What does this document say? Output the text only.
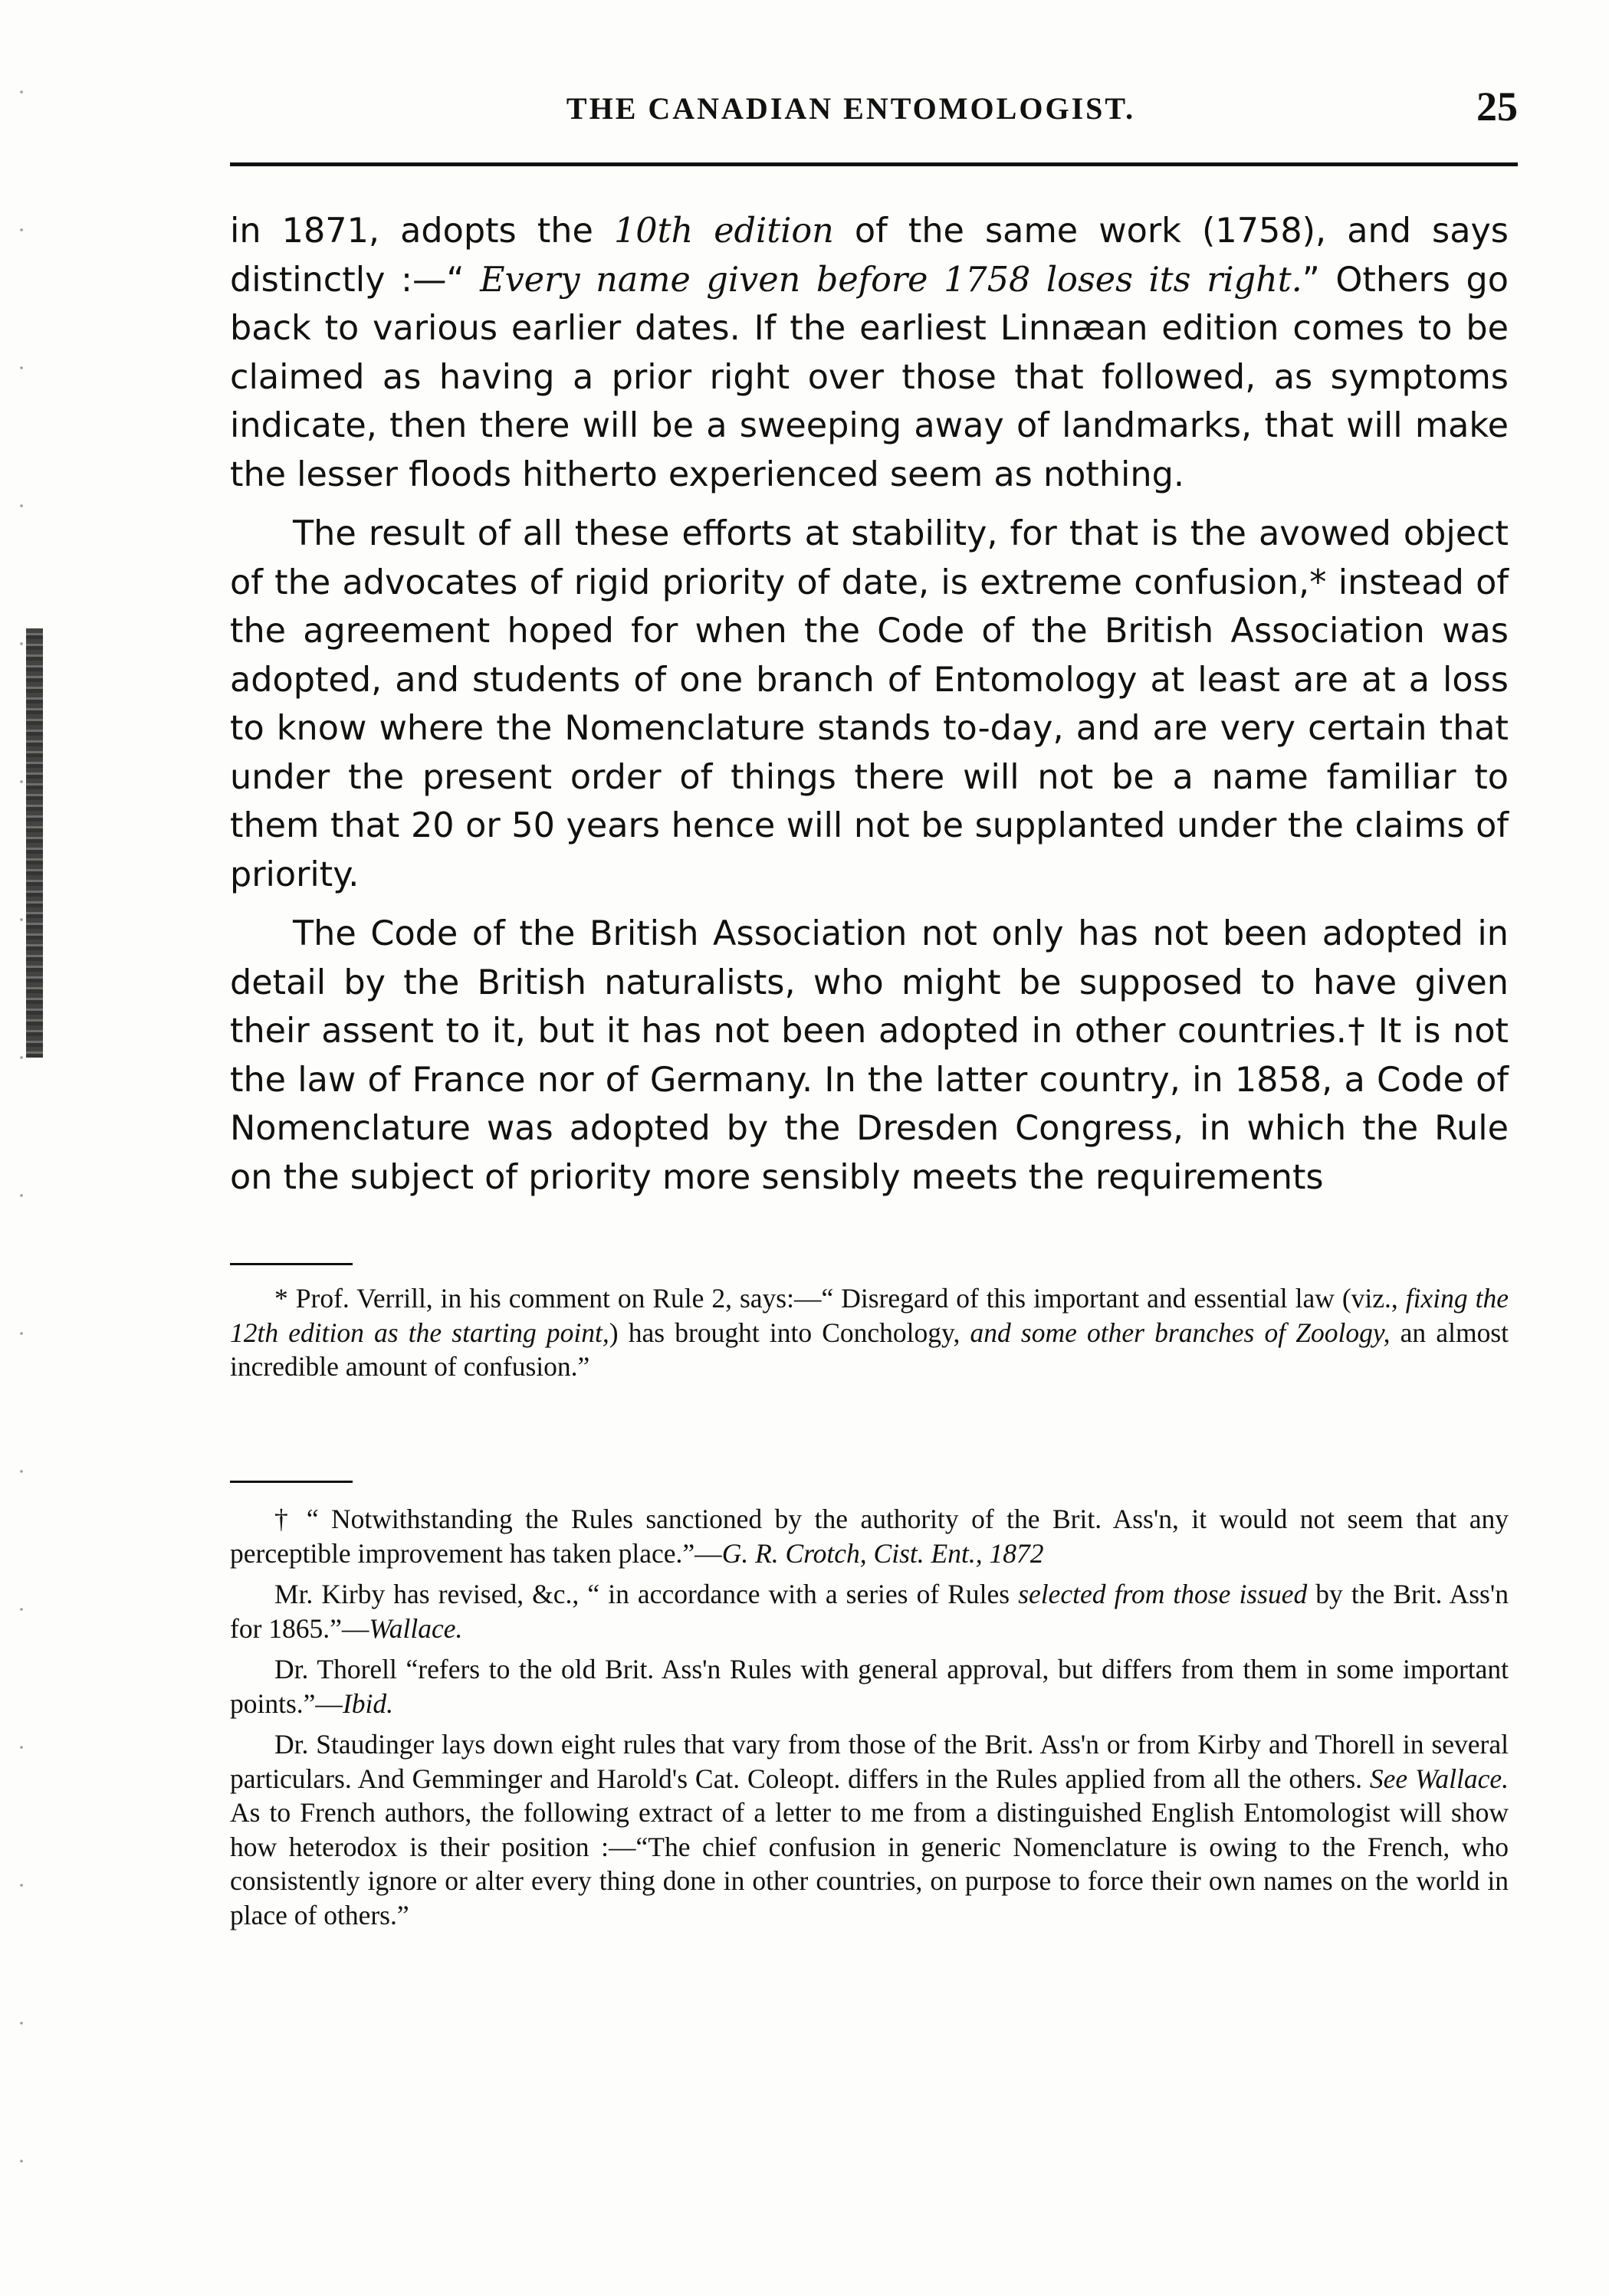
THE CANADIAN ENTOMOLOGIST.	25

in 1871, adopts the 10th edition of the same work (1758), and says distinctly :—“ Every name given before 1758 loses its right.” Others go back to various earlier dates. If the earliest Linnæan edition comes to be claimed as having a prior right over those that followed, as symptoms indicate, then there will be a sweeping away of landmarks, that will make the lesser floods hitherto experienced seem as nothing.

The result of all these efforts at stability, for that is the avowed object of the advocates of rigid priority of date, is extreme confusion,* instead of the agreement hoped for when the Code of the British Association was adopted, and students of one branch of Entomology at least are at a loss to know where the Nomenclature stands to-day, and are very certain that under the present order of things there will not be a name familiar to them that 20 or 50 years hence will not be supplanted under the claims of priority.

The Code of the British Association not only has not been adopted in detail by the British naturalists, who might be supposed to have given their assent to it, but it has not been adopted in other countries.† It is not the law of France nor of Germany. In the latter country, in 1858, a Code of Nomenclature was adopted by the Dresden Congress, in which the Rule on the subject of priority more sensibly meets the requirements

* Prof. Verrill, in his comment on Rule 2, says:—“ Disregard of this important and essential law (viz., fixing the 12th edition as the starting point,) has brought into Conchology, and some other branches of Zoology, an almost incredible amount of confusion.”

† “ Notwithstanding the Rules sanctioned by the authority of the Brit. Ass'n, it would not seem that any perceptible improvement has taken place.”—G. R. Crotch, Cist. Ent., 1872

Mr. Kirby has revised, &c., “ in accordance with a series of Rules selected from those issued by the Brit. Ass'n for 1865.”—Wallace.

Dr. Thorell “refers to the old Brit. Ass'n Rules with general approval, but differs from them in some important points.”—Ibid.

Dr. Staudinger lays down eight rules that vary from those of the Brit. Ass'n or from Kirby and Thorell in several particulars. And Gemminger and Harold's Cat. Coleopt. differs in the Rules applied from all the others. See Wallace. As to French authors, the following extract of a letter to me from a distinguished English Entomologist will show how heterodox is their position :—“The chief confusion in generic Nomenclature is owing to the French, who consistently ignore or alter every thing done in other countries, on purpose to force their own names on the world in place of others.”
